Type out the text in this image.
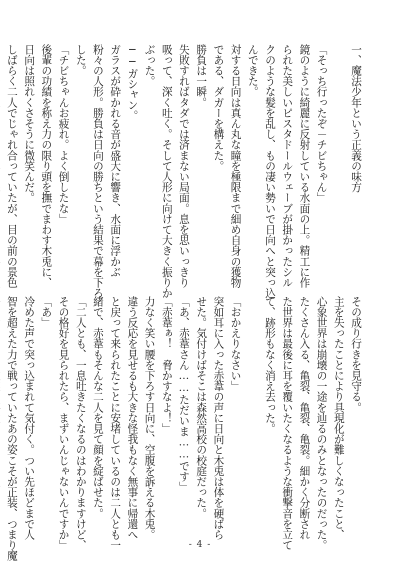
一、魔法少年という正義の味方

「そっち行ったぞ－チビちゃん」

鏡のように綺麗に反射している水面の上。精工に作

られた美しいピスタドールウェーブが掛かったシル

クのような髪を乱し、もの凄い勢いで日向へと突っ込

んできた。

対する日向は真ん丸な瞳を極限まで細め自身の獲物

である、ダガーを構えた。

勝負は一瞬。

失敗すればタダでは済まない局面。息を思いっきり

吸って、深く吐く。そして人形に向けて大きく振りか

ぶった。

──ガシャン。

ガラスが砕かれる音が盛大に響き、水面に浮かぶ

粉々の人形。勝負は日向の勝ちという結果で幕を下ろ

した。

「チビちゃんお疲れ。よく倒したな」

後輩の功績を称え力の限り頭を撫でまわす木兎に、

日向は照れくさそうに微笑んだ。

しばらく二人でじゃれ合っていたが、目の前の景色

その成り行きを見守る。

主を失ったことにより具現化が難しくなったこと、

心象世界は崩壊の一途を辿るのみとなったのだった。

たくさん入る、亀裂、亀裂、亀裂。細かく分断され

た世界は最後に耳を覆いたくなるような衝撃音を立て

て、跡形もなく消え去った。

「おかえりなさい」

突如耳に入った赤葦の声に日向と木兎は体を硬ばら

せた。気付けばそこは森然高校の校庭だった。

「あ、赤葦さん……ただいま……です」

「赤葦ぁ！　脅かすなよ！」

力なく笑い腰を下ろす日向に、空腹を訴える木兎。

違う反応を見せるも大きな怪我もなく無事に帰還へ

と戻って来られたことに安堵しているのは二人とも一

緒で、赤葦もそんな二人を見て顔を綻ばせた。

「二人とも、一息吐きたくなるのはわかりますけど、

その格好を見られたら、まずいんじゃないんですか」

「あ」

冷めた声で突っ込まれて気付く。つい先ほどまで人

智を超えた力で戦っていたあの姿こそが正装、つまり魔	- 4 -
